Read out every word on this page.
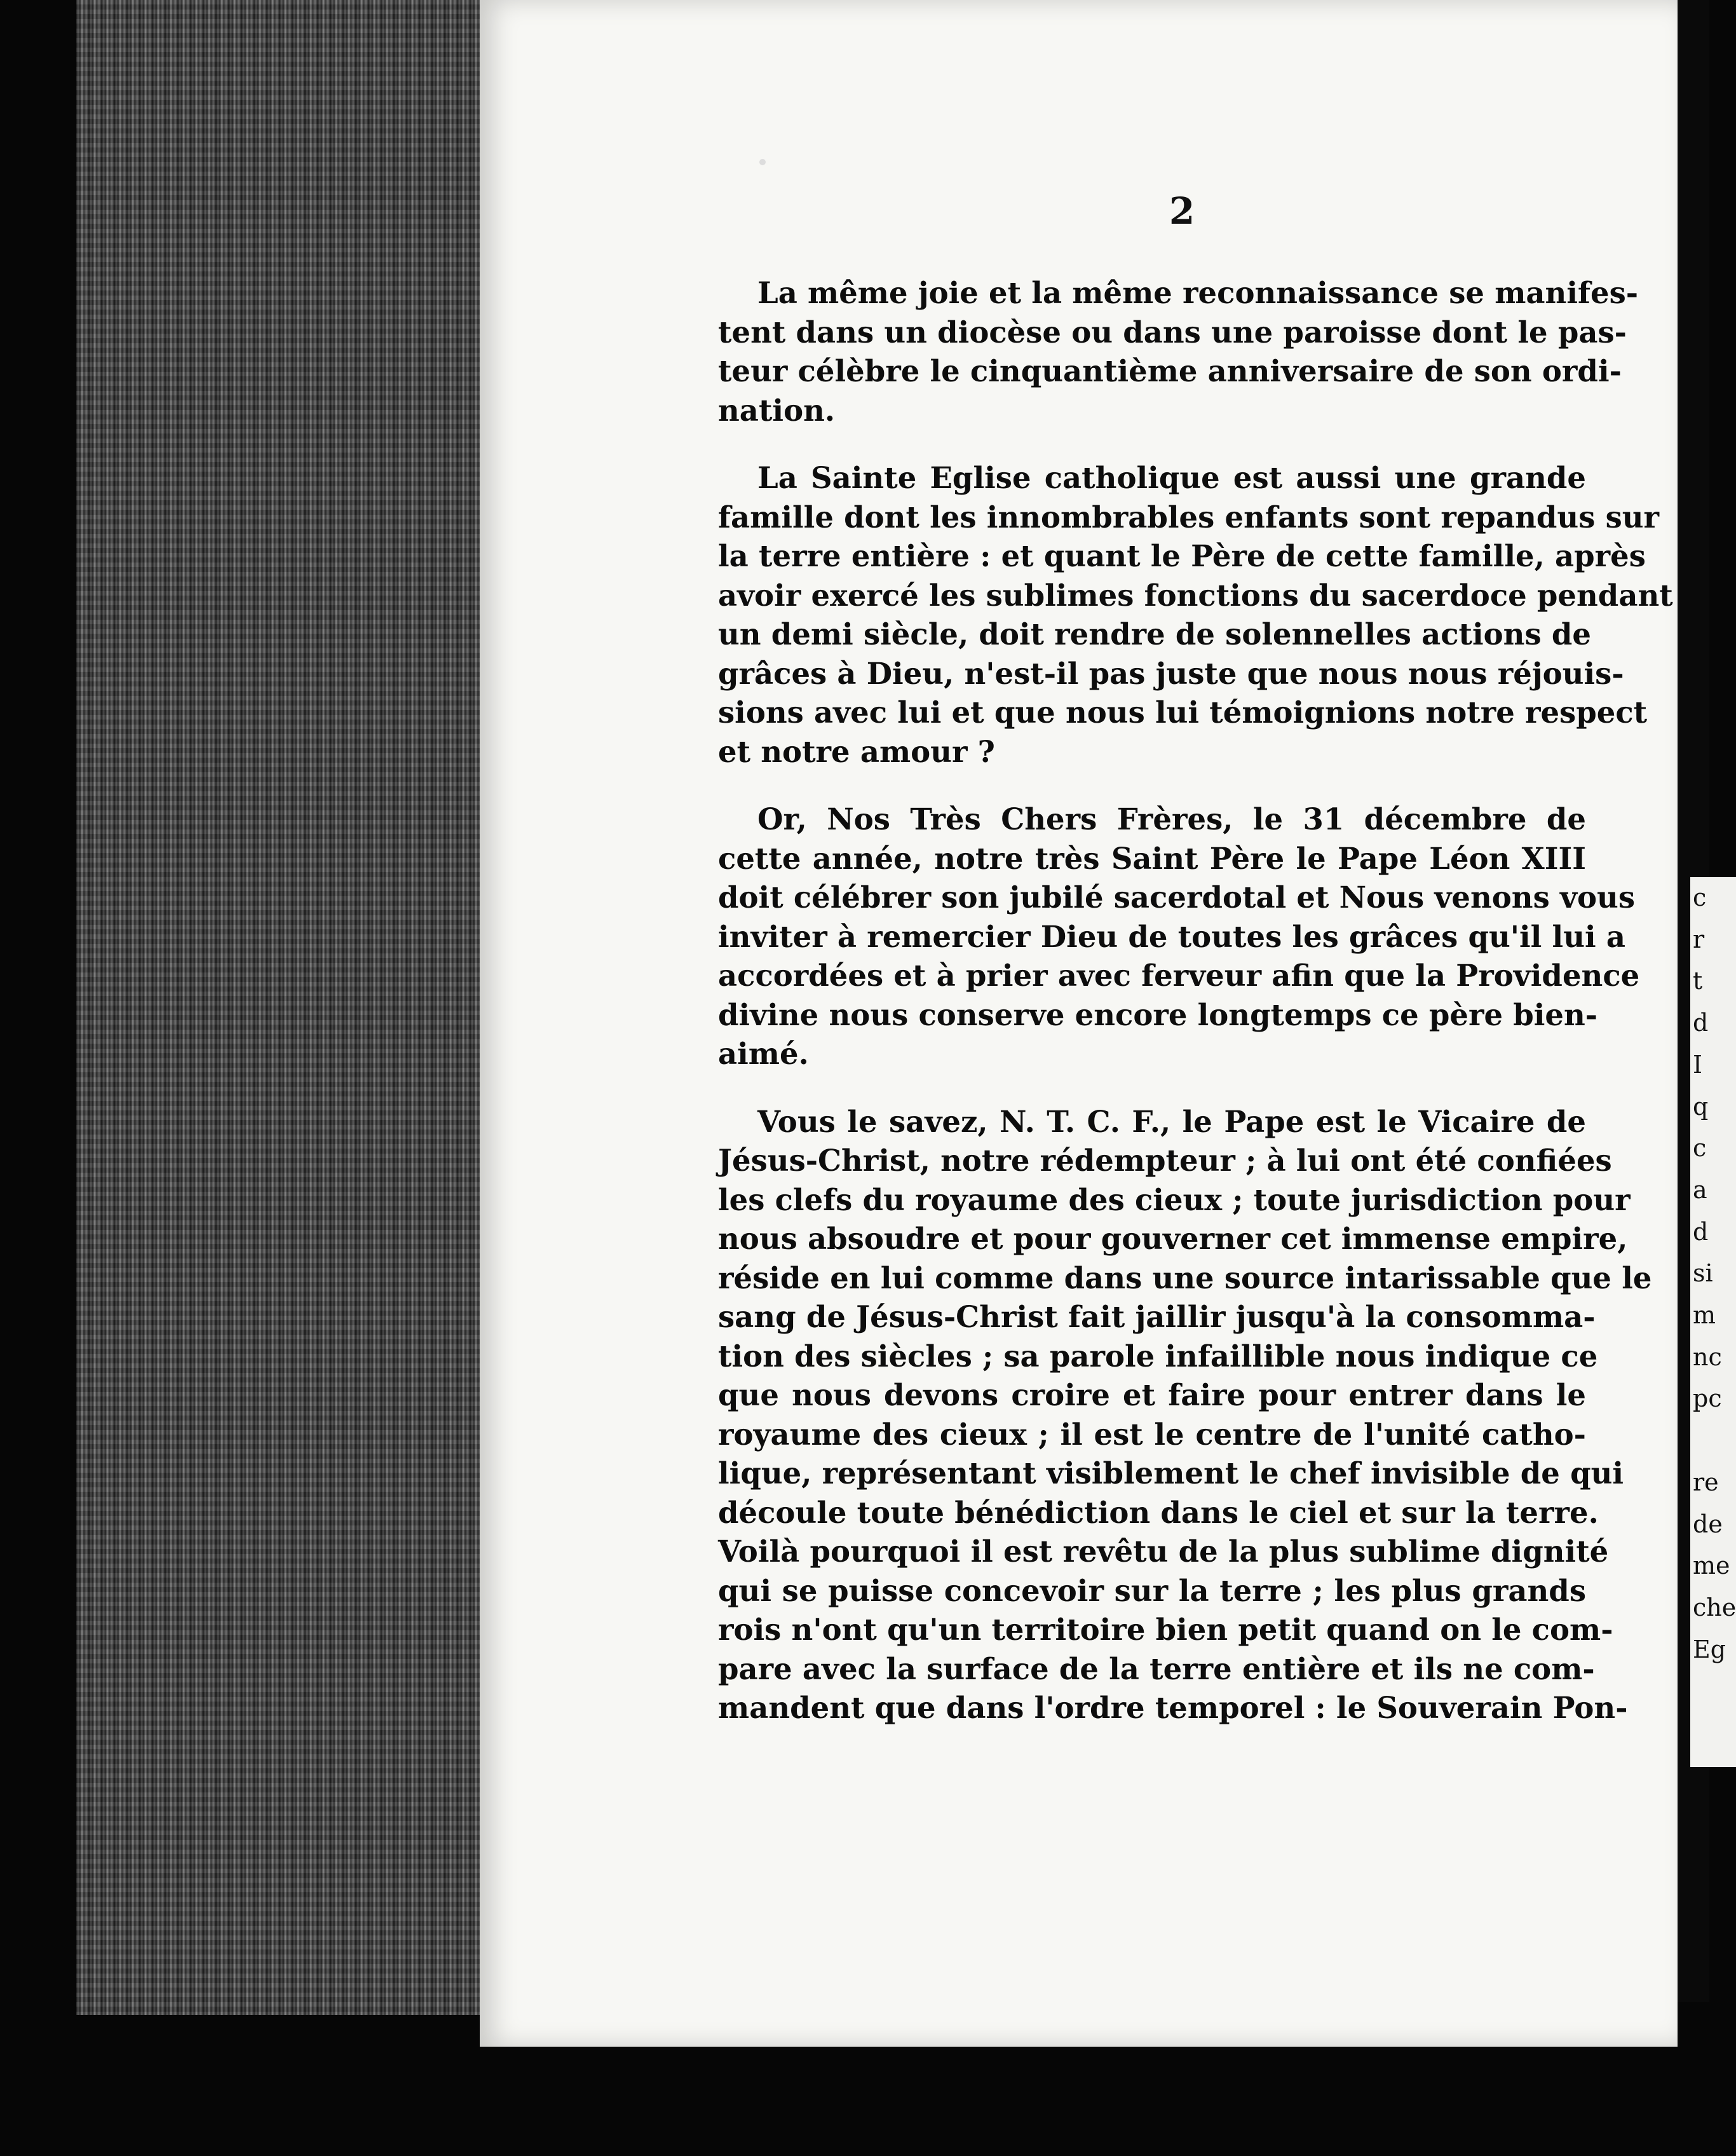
c
r
t
d
I
q
c
a
d
si
m
nc
pc

re
de
me
che
Eg
2
La même joie et la même reconnaissance se manifes-
tent dans un diocèse ou dans une paroisse dont le pas-
teur célèbre le cinquantième anniversaire de son ordi-
nation.
La Sainte Eglise catholique est aussi une grande
famille dont les innombrables enfants sont repandus sur
la terre entière : et quant le Père de cette famille, après
avoir exercé les sublimes fonctions du sacerdoce pendant
un demi siècle, doit rendre de solennelles actions de
grâces à Dieu, n'est-il pas juste que nous nous réjouis-
sions avec lui et que nous lui témoignions notre respect
et notre amour ?
Or, Nos Très Chers Frères, le 31 décembre de
cette année, notre très Saint Père le Pape Léon XIII
doit célébrer son jubilé sacerdotal et Nous venons vous
inviter à remercier Dieu de toutes les grâces qu'il lui a
accordées et à prier avec ferveur afin que la Providence
divine nous conserve encore longtemps ce père bien-
aimé.
Vous le savez, N. T. C. F., le Pape est le Vicaire de
Jésus-Christ, notre rédempteur ; à lui ont été confiées
les clefs du royaume des cieux ; toute jurisdiction pour
nous absoudre et pour gouverner cet immense empire,
réside en lui comme dans une source intarissable que le
sang de Jésus-Christ fait jaillir jusqu'à la consomma-
tion des siècles ; sa parole infaillible nous indique ce
que nous devons croire et faire pour entrer dans le
royaume des cieux ; il est le centre de l'unité catho-
lique, représentant visiblement le chef invisible de qui
découle toute bénédiction dans le ciel et sur la terre.
Voilà pourquoi il est revêtu de la plus sublime dignité
qui se puisse concevoir sur la terre ; les plus grands
rois n'ont qu'un territoire bien petit quand on le com-
pare avec la surface de la terre entière et ils ne com-
mandent que dans l'ordre temporel : le Souverain Pon-
